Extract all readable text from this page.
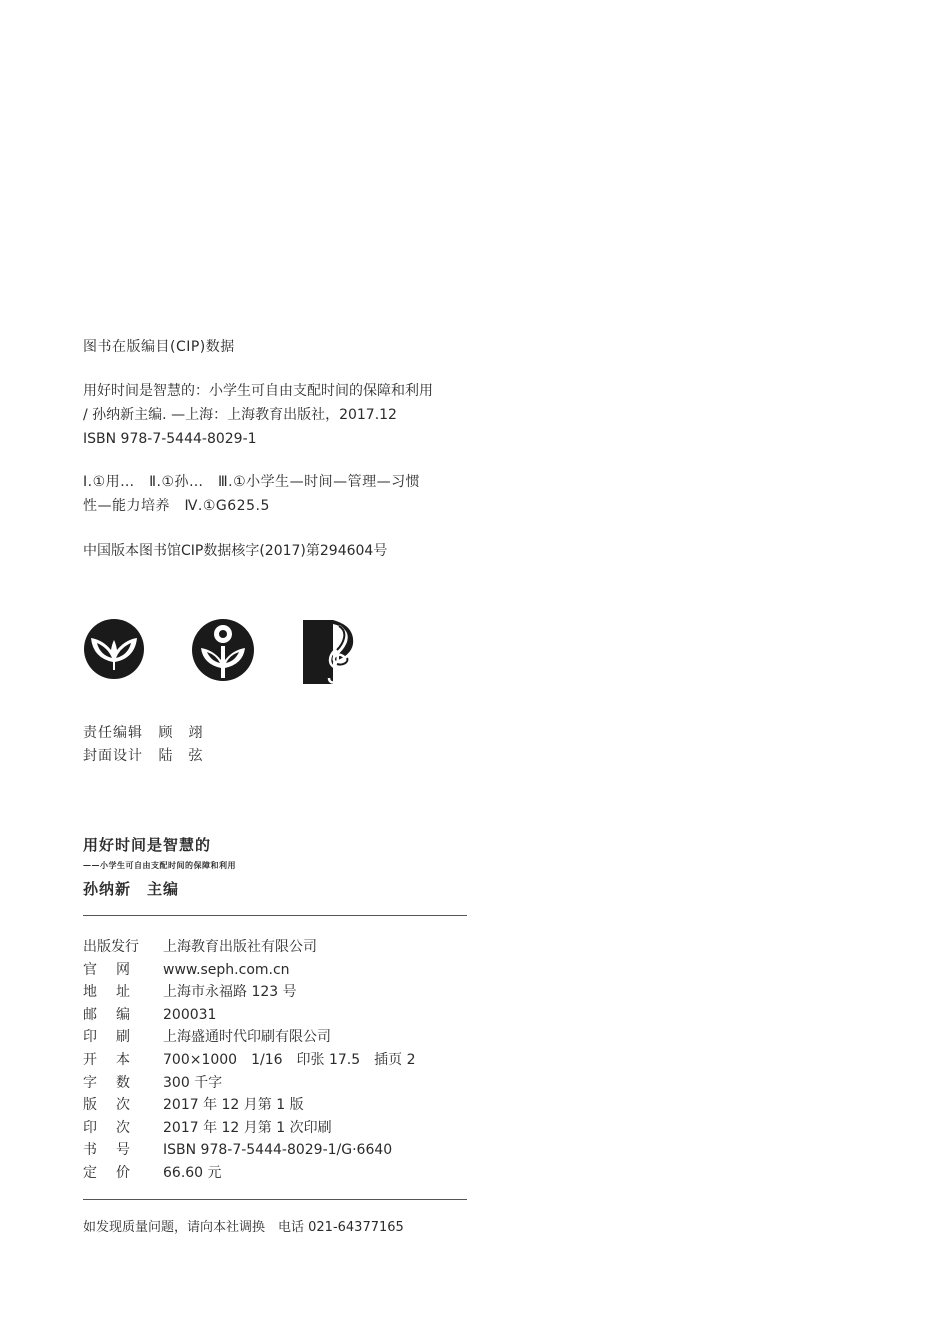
图书在版编目(CIP)数据
用好时间是智慧的：小学生可自由支配时间的保障和利用
/ 孙纳新主编. —上海：上海教育出版社，2017.12
ISBN 978-7-5444-8029-1
Ⅰ.①用…　Ⅱ.①孙…　Ⅲ.①小学生—时间—管理—习惯
性—能力培养　Ⅳ.①G625.5
中国版本图书馆CIP数据核字(2017)第294604号
责任编辑 顾　翊
封面设计 陆　弦
用好时间是智慧的
——小学生可自由支配时间的保障和利用
孙纳新　主编
出版发行 上海教育出版社有限公司
官网 www.seph.com.cn
地址 上海市永福路 123 号
邮编 200031
印刷 上海盛通时代印刷有限公司
开本 700×1000　1/16　印张 17.5　插页 2
字数 300 千字
版次 2017 年 12 月第 1 版
印次 2017 年 12 月第 1 次印刷
书号 ISBN 978-7-5444-8029-1/G·6640
定价 66.60 元
如发现质量问题，请向本社调换　电话 021-64377165
